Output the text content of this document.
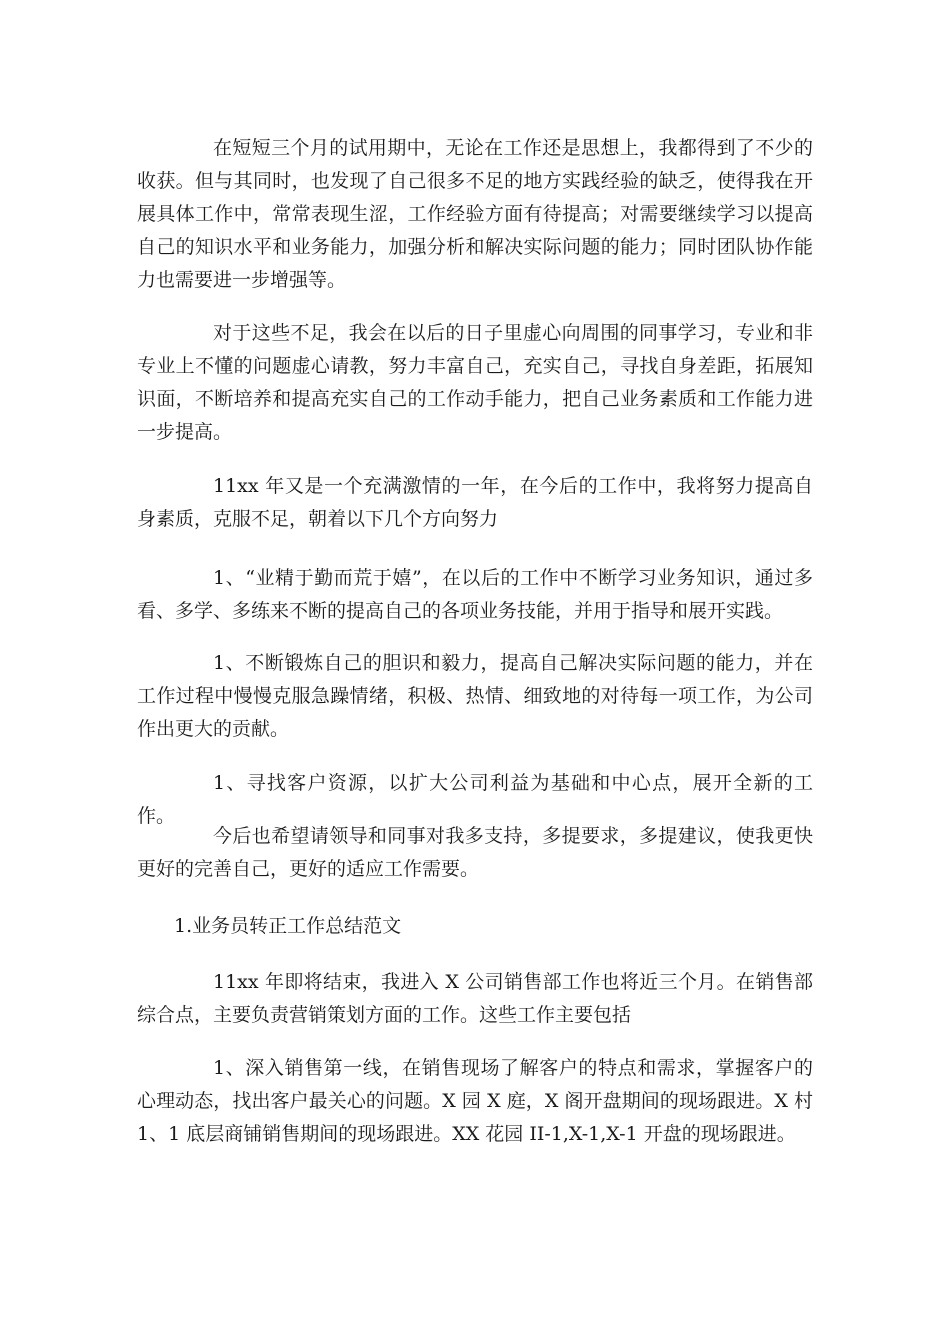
在短短三个月的试用期中，无论在工作还是思想上，我都得到了不少的收获。但与其同时，也发现了自己很多不足的地方实践经验的缺乏，使得我在开展具体工作中，常常表现生涩，工作经验方面有待提高；对需要继续学习以提高自己的知识水平和业务能力，加强分析和解决实际问题的能力；同时团队协作能力也需要进一步增强等。

对于这些不足，我会在以后的日子里虚心向周围的同事学习，专业和非专业上不懂的问题虚心请教，努力丰富自己，充实自己，寻找自身差距，拓展知识面，不断培养和提高充实自己的工作动手能力，把自己业务素质和工作能力进一步提高。

11xx 年又是一个充满激情的一年，在今后的工作中，我将努力提高自身素质，克服不足，朝着以下几个方向努力

1、“业精于勤而荒于嬉”，在以后的工作中不断学习业务知识，通过多看、多学、多练来不断的提高自己的各项业务技能，并用于指导和展开实践。

1、不断锻炼自己的胆识和毅力，提高自己解决实际问题的能力，并在工作过程中慢慢克服急躁情绪，积极、热情、细致地的对待每一项工作，为公司作出更大的贡献。

1、寻找客户资源，以扩大公司利益为基础和中心点，展开全新的工作。

今后也希望请领导和同事对我多支持，多提要求，多提建议，使我更快更好的完善自己，更好的适应工作需要。

1.业务员转正工作总结范文

11xx 年即将结束，我进入 X 公司销售部工作也将近三个月。在销售部综合点，主要负责营销策划方面的工作。这些工作主要包括

1、深入销售第一线，在销售现场了解客户的特点和需求，掌握客户的心理动态，找出客户最关心的问题。X 园 X 庭，X 阁开盘期间的现场跟进。X 村 1、1 底层商铺销售期间的现场跟进。XX 花园 II-1,X-1,X-1 开盘的现场跟进。
